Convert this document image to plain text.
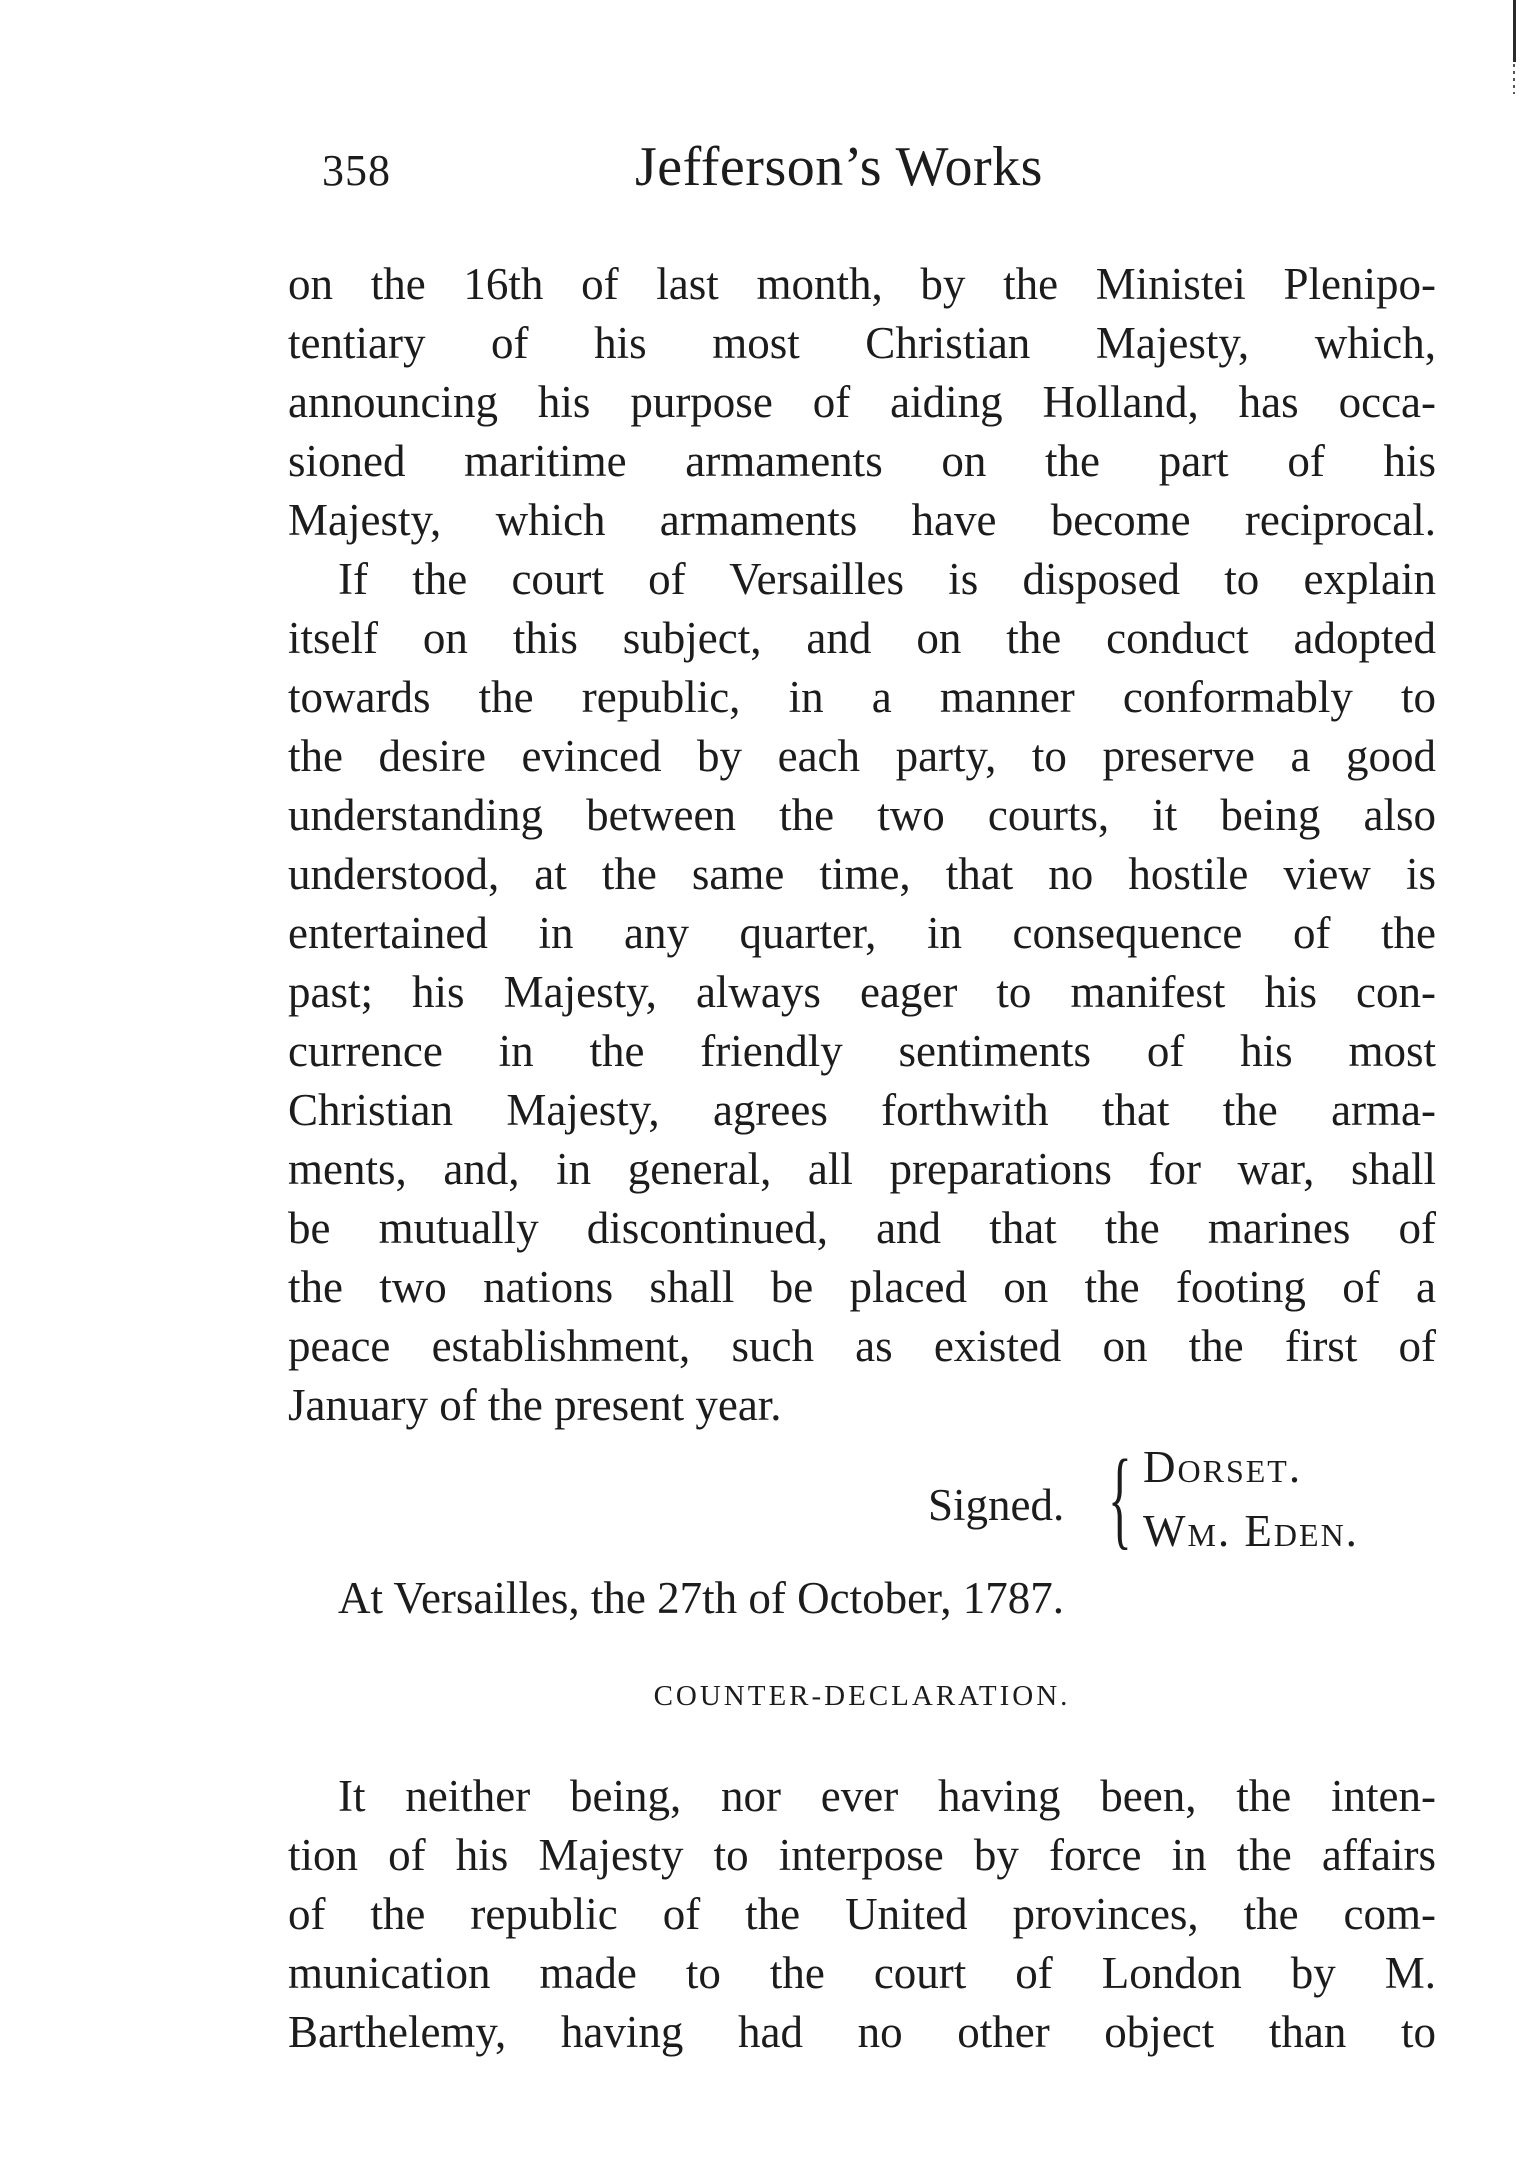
358	Jefferson’s Works
on the 16th of last month, by the Ministei Plenipo-
tentiary of his most Christian Majesty, which,
announcing his purpose of aiding Holland, has occa-
sioned maritime armaments on the part of his
Majesty, which armaments have become reciprocal.
If the court of Versailles is disposed to explain
itself on this subject, and on the conduct adopted
towards the republic, in a manner conformably to
the desire evinced by each party, to preserve a good
understanding between the two courts, it being also
understood, at the same time, that no hostile view is
entertained in any quarter, in consequence of the
past; his Majesty, always eager to manifest his con-
currence in the friendly sentiments of his most
Christian Majesty, agrees forthwith that the arma-
ments, and, in general, all preparations for war, shall
be mutually discontinued, and that the marines of
the two nations shall be placed on the footing of a
peace establishment, such as existed on the first of
January of the present year.
Signed. { Dorset.
Wm. Eden.
At Versailles, the 27th of October, 1787.
COUNTER-DECLARATION.
It neither being, nor ever having been, the inten-
tion of his Majesty to interpose by force in the affairs
of the republic of the United provinces, the com-
munication made to the court of London by M.
Barthelemy, having had no other object than to
